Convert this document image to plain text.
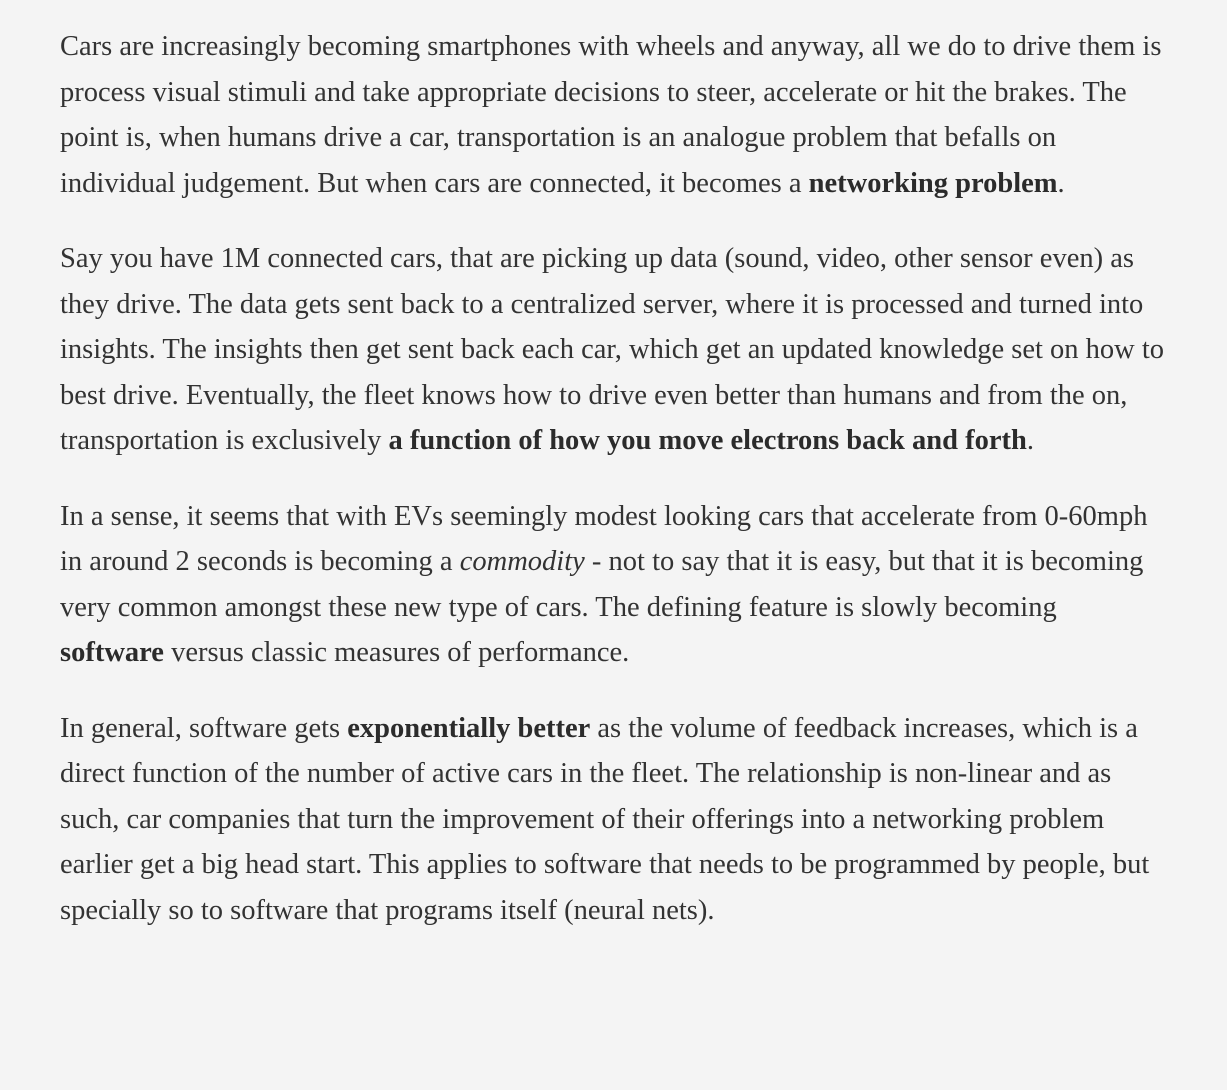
Cars are increasingly becoming smartphones with wheels and anyway, all we do to drive them is process visual stimuli and take appropriate decisions to steer, accelerate or hit the brakes. The point is, when humans drive a car, transportation is an analogue problem that befalls on individual judgement. But when cars are connected, it becomes a networking problem.

Say you have 1M connected cars, that are picking up data (sound, video, other sensor even) as they drive. The data gets sent back to a centralized server, where it is processed and turned into insights. The insights then get sent back each car, which get an updated knowledge set on how to best drive. Eventually, the fleet knows how to drive even better than humans and from the on, transportation is exclusively a function of how you move electrons back and forth.

In a sense, it seems that with EVs seemingly modest looking cars that accelerate from 0-60mph in around 2 seconds is becoming a commodity - not to say that it is easy, but that it is becoming very common amongst these new type of cars. The defining feature is slowly becoming software versus classic measures of performance.

In general, software gets exponentially better as the volume of feedback increases, which is a direct function of the number of active cars in the fleet. The relationship is non-linear and as such, car companies that turn the improvement of their offerings into a networking problem earlier get a big head start. This applies to software that needs to be programmed by people, but specially so to software that programs itself (neural nets).
